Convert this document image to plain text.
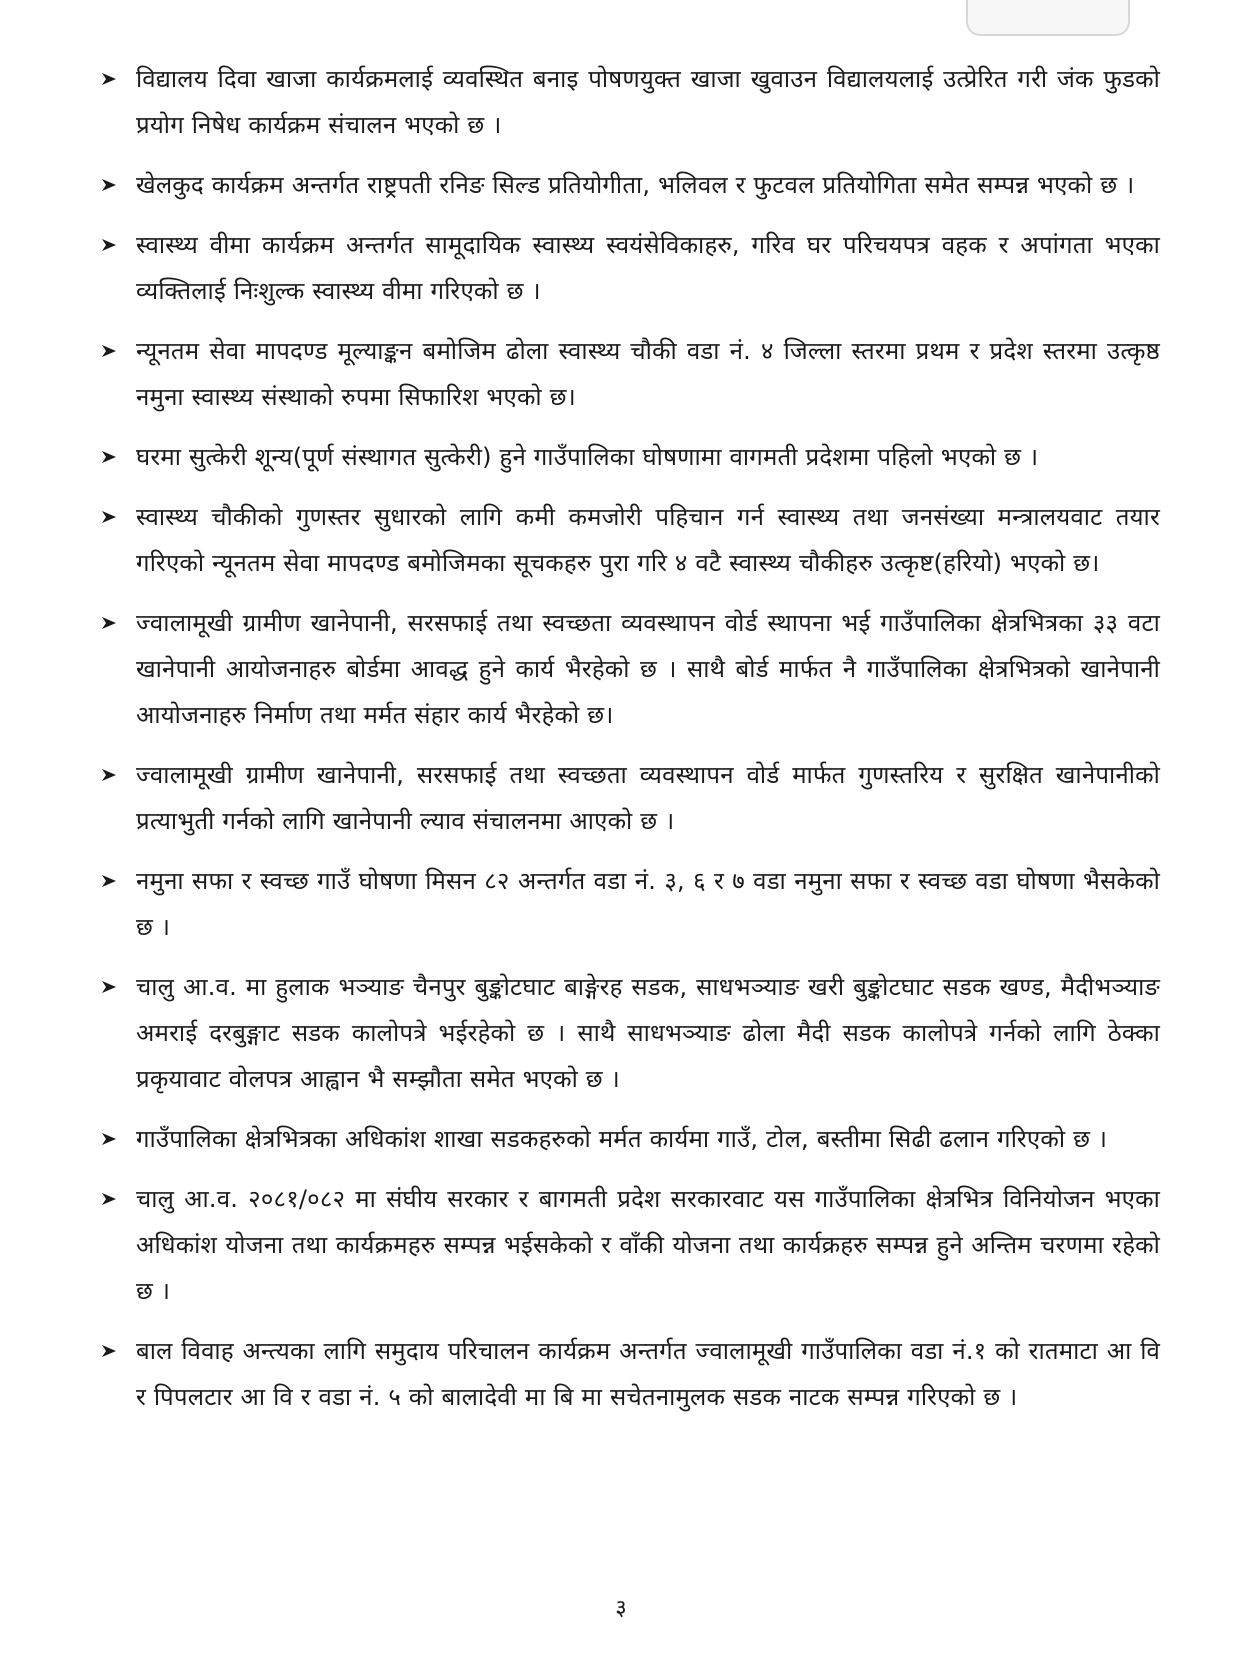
विद्यालय दिवा खाजा कार्यक्रमलाई व्यवस्थित बनाइ पोषणयुक्त खाजा खुवाउन विद्यालयलाई उत्प्रेरित गरी जंक फुडको प्रयोग निषेध कार्यक्रम संचालन भएको छ ।
खेलकुद कार्यक्रम अन्तर्गत राष्ट्रपती रनिङ सिल्ड प्रतियोगीता, भलिवल र फुटवल प्रतियोगिता समेत सम्पन्न भएको छ ।
स्वास्थ्य वीमा कार्यक्रम अन्तर्गत सामूदायिक स्वास्थ्य स्वयंसेविकाहरु, गरिव घर परिचयपत्र वहक र अपांगता भएका व्यक्तिलाई निःशुल्क स्वास्थ्य वीमा गरिएको छ ।
न्यूनतम सेवा मापदण्ड मूल्याङ्कन बमोजिम ढोला स्वास्थ्य चौकी वडा नं. ४ जिल्ला स्तरमा प्रथम र प्रदेश स्तरमा उत्कृष्ठ नमुना स्वास्थ्य संस्थाको रुपमा सिफारिश भएको छ।
घरमा सुत्केरी शून्य(पूर्ण संस्थागत सुत्केरी) हुने गाउँपालिका घोषणामा वागमती प्रदेशमा पहिलो भएको छ ।
स्वास्थ्य चौकीको गुणस्तर सुधारको लागि कमी कमजोरी पहिचान गर्न स्वास्थ्य तथा जनसंख्या मन्त्रालयवाट तयार गरिएको न्यूनतम सेवा मापदण्ड बमोजिमका सूचकहरु पुरा गरि ४ वटै स्वास्थ्य चौकीहरु उत्कृष्ट(हरियो) भएको छ।
ज्वालामूखी ग्रामीण खानेपानी, सरसफाई तथा स्वच्छता व्यवस्थापन वोर्ड स्थापना भई गाउँपालिका क्षेत्रभित्रका ३३ वटा खानेपानी आयोजनाहरु बोर्डमा आवद्ध हुने कार्य भैरहेको छ । साथै बोर्ड मार्फत नै गाउँपालिका क्षेत्रभित्रको खानेपानी आयोजनाहरु निर्माण तथा मर्मत संहार कार्य भैरहेको छ।
ज्वालामूखी ग्रामीण खानेपानी, सरसफाई तथा स्वच्छता व्यवस्थापन वोर्ड मार्फत गुणस्तरिय र सुरक्षित खानेपानीको प्रत्याभुती गर्नको लागि खानेपानी ल्याव संचालनमा आएको छ ।
नमुना सफा र स्वच्छ गाउँ घोषणा मिसन ८२ अन्तर्गत वडा नं. ३, ६ र ७ वडा नमुना सफा र स्वच्छ वडा घोषणा भैसकेको छ ।
चालु आ.व. मा हुलाक भञ्याङ चैनपुर बुङ्कोटघाट बाङ्गेरह सडक, साधभञ्याङ खरी बुङ्कोटघाट सडक खण्ड, मैदीभञ्याङ अमराई दरबुङ्गाट सडक कालोपत्रे भईरहेको छ । साथै साधभञ्याङ ढोला मैदी सडक कालोपत्रे गर्नको लागि ठेक्का प्रकृयावाट वोलपत्र आह्वान भै सम्झौता समेत भएको छ ।
गाउँपालिका क्षेत्रभित्रका अधिकांश शाखा सडकहरुको मर्मत कार्यमा गाउँ, टोल, बस्तीमा सिढी ढलान गरिएको छ ।
चालु आ.व. २०८१/०८२ मा संघीय सरकार र बागमती प्रदेश सरकारवाट यस गाउँपालिका क्षेत्रभित्र विनियोजन भएका अधिकांश योजना तथा कार्यक्रमहरु सम्पन्न भईसकेको र वाँकी योजना तथा कार्यक्रहरु सम्पन्न हुने अन्तिम चरणमा रहेको छ ।
बाल विवाह अन्त्यका लागि समुदाय परिचालन कार्यक्रम अन्तर्गत ज्वालामूखी गाउँपालिका वडा नं.१ को रातमाटा आ वि र पिपलटार आ वि र वडा नं. ५ को बालादेवी मा बि मा सचेतनामुलक सडक नाटक सम्पन्न गरिएको छ ।
३
